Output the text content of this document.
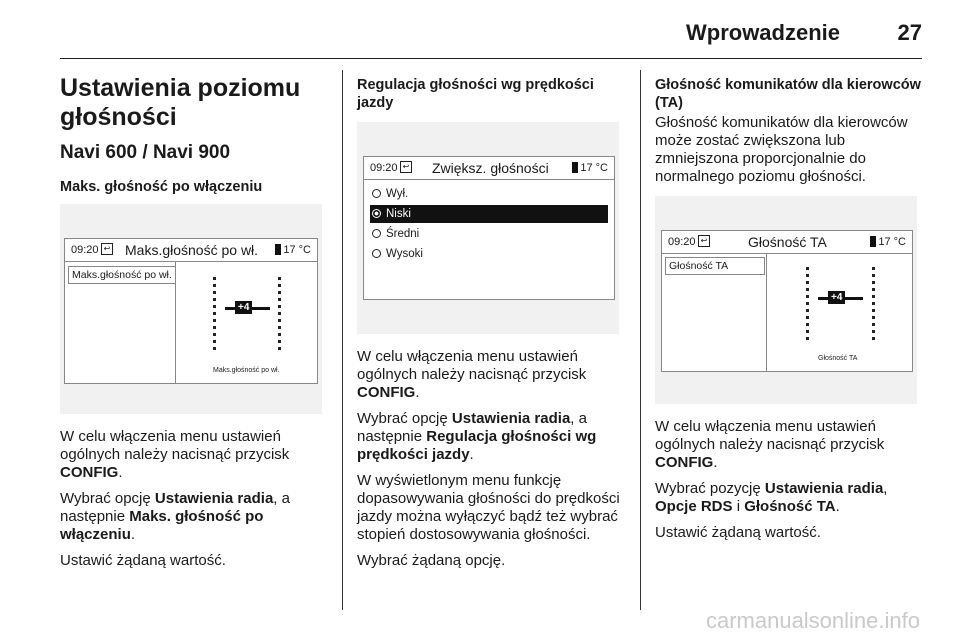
Wprowadzenie	27
Ustawienia poziomu głośności
Navi 600 / Navi 900
Maks. głośność po włączeniu
09:20 ↩ Maks.głośność po wł. 17 °C
Maks.głośność po wł.
+4
Maks.głośność po wł.

W celu włączenia menu ustawień ogólnych należy nacisnąć przycisk CONFIG.

Wybrać opcję Ustawienia radia, a następnie Maks. głośność po włączeniu.

Ustawić żądaną wartość.

Regulacja głośności wg prędkości jazdy
09:20 ↩ Zwiększ. głośności	17 °C
Wył.
Niski
Średni
Wysoki

W celu włączenia menu ustawień ogólnych należy nacisnąć przycisk CONFIG.

Wybrać opcję Ustawienia radia, a następnie Regulacja głośności wg prędkości jazdy.

W wyświetlonym menu funkcję dopasowywania głośności do prędkości jazdy można wyłączyć bądź też wybrać stopień dostosowywania głośności.

Wybrać żądaną opcję.

Głośność komunikatów dla kierowców (TA)

Głośność komunikatów dla kierowców może zostać zwiększona lub zmniejszona proporcjonalnie do normalnego poziomu głośności.

09:20 ↩	Głośność TA	17 °C
Głośność TA
+4
Głośność TA

W celu włączenia menu ustawień ogólnych należy nacisnąć przycisk CONFIG.

Wybrać pozycję Ustawienia radia, Opcje RDS i Głośność TA.

Ustawić żądaną wartość.

carmanualsonline.info
